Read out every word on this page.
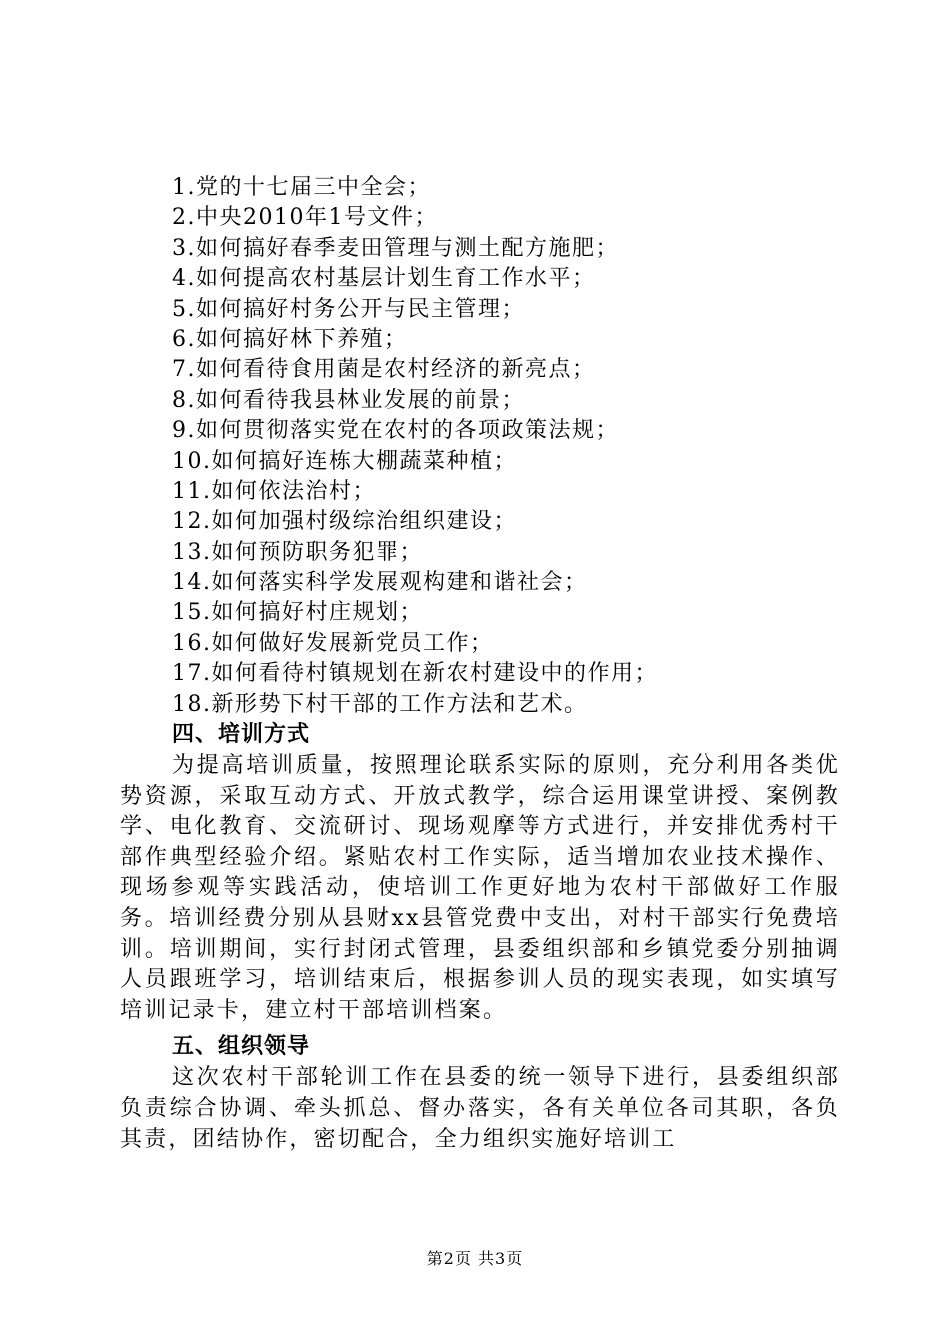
1.党的十七届三中全会；
2.中央2010年1号文件；
3.如何搞好春季麦田管理与测土配方施肥；
4.如何提高农村基层计划生育工作水平；
5.如何搞好村务公开与民主管理；
6.如何搞好林下养殖；
7.如何看待食用菌是农村经济的新亮点；
8.如何看待我县林业发展的前景；
9.如何贯彻落实党在农村的各项政策法规；
10.如何搞好连栋大棚蔬菜种植；
11.如何依法治村；
12.如何加强村级综治组织建设；
13.如何预防职务犯罪；
14.如何落实科学发展观构建和谐社会；
15.如何搞好村庄规划；
16.如何做好发展新党员工作；
17.如何看待村镇规划在新农村建设中的作用；
18.新形势下村干部的工作方法和艺术。
四、培训方式

为提高培训质量，按照理论联系实际的原则，充分利用各类优势资源，采取互动方式、开放式教学，综合运用课堂讲授、案例教学、电化教育、交流研讨、现场观摩等方式进行，并安排优秀村干部作典型经验介绍。紧贴农村工作实际，适当增加农业技术操作、现场参观等实践活动，使培训工作更好地为农村干部做好工作服务。培训经费分别从县财xx县管党费中支出，对村干部实行免费培训。培训期间，实行封闭式管理，县委组织部和乡镇党委分别抽调人员跟班学习，培训结束后，根据参训人员的现实表现，如实填写培训记录卡，建立村干部培训档案。

五、组织领导

这次农村干部轮训工作在县委的统一领导下进行，县委组织部负责综合协调、牵头抓总、督办落实，各有关单位各司其职，各负其责，团结协作，密切配合，全力组织实施好培训工

第2页 共3页
